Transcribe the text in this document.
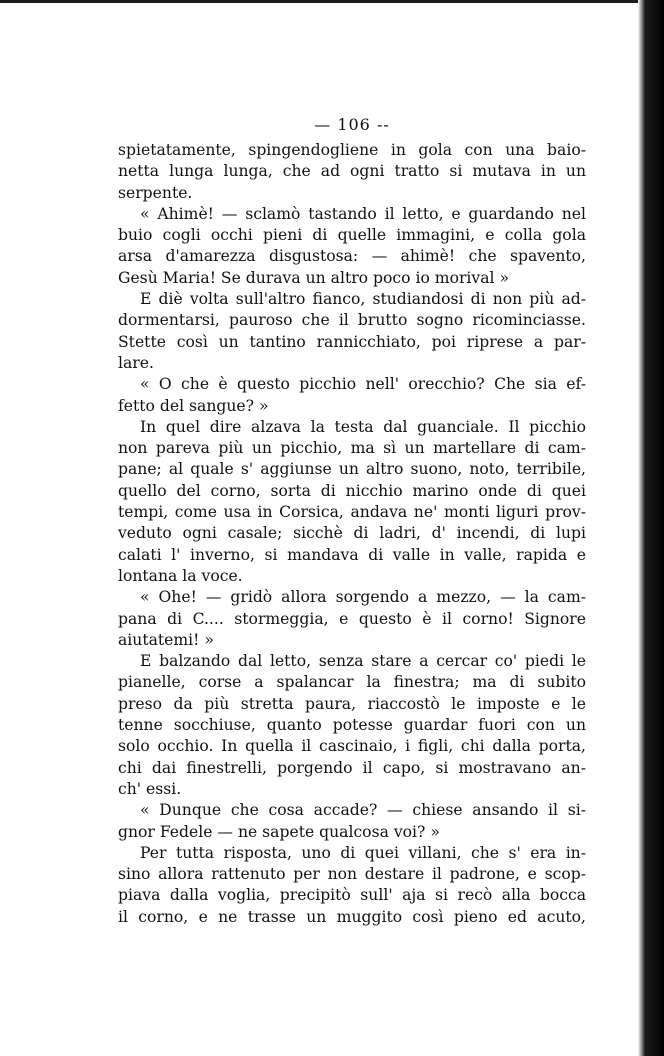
— 106 --
spietatamente, spingendogliene in gola con una baio-
netta lunga lunga, che ad ogni tratto si mutava in un
serpente.
« Ahimè! — sclamò tastando il letto, e guardando nel
buio cogli occhi pieni di quelle immagini, e colla gola
arsa d'amarezza disgustosa: — ahimè! che spavento,
Gesù Maria! Se durava un altro poco io morival »
E diè volta sull'altro fianco, studiandosi di non più ad-
dormentarsi, pauroso che il brutto sogno ricominciasse.
Stette così un tantino rannicchiato, poi riprese a par-
lare.
« O che è questo picchio nell' orecchio? Che sia ef-
fetto del sangue? »
In quel dire alzava la testa dal guanciale. Il picchio
non pareva più un picchio, ma sì un martellare di cam-
pane; al quale s' aggiunse un altro suono, noto, terribile,
quello del corno, sorta di nicchio marino onde di quei
tempi, come usa in Corsica, andava ne' monti liguri prov-
veduto ogni casale; sicchè di ladri, d' incendi, di lupi
calati l' inverno, si mandava di valle in valle, rapida e
lontana la voce.
« Ohe! — gridò allora sorgendo a mezzo, — la cam-
pana di C.... stormeggia, e questo è il corno! Signore
aiutatemi! »
E balzando dal letto, senza stare a cercar co' piedi le
pianelle, corse a spalancar la finestra; ma di subito
preso da più stretta paura, riaccostò le imposte e le
tenne socchiuse, quanto potesse guardar fuori con un
solo occhio. In quella il cascinaio, i figli, chi dalla porta,
chi dai finestrelli, porgendo il capo, si mostravano an-
ch' essi.
« Dunque che cosa accade? — chiese ansando il si-
gnor Fedele — ne sapete qualcosa voi? »
Per tutta risposta, uno di quei villani, che s' era in-
sino allora rattenuto per non destare il padrone, e scop-
piava dalla voglia, precipitò sull' aja si recò alla bocca
il corno, e ne trasse un muggito così pieno ed acuto,
